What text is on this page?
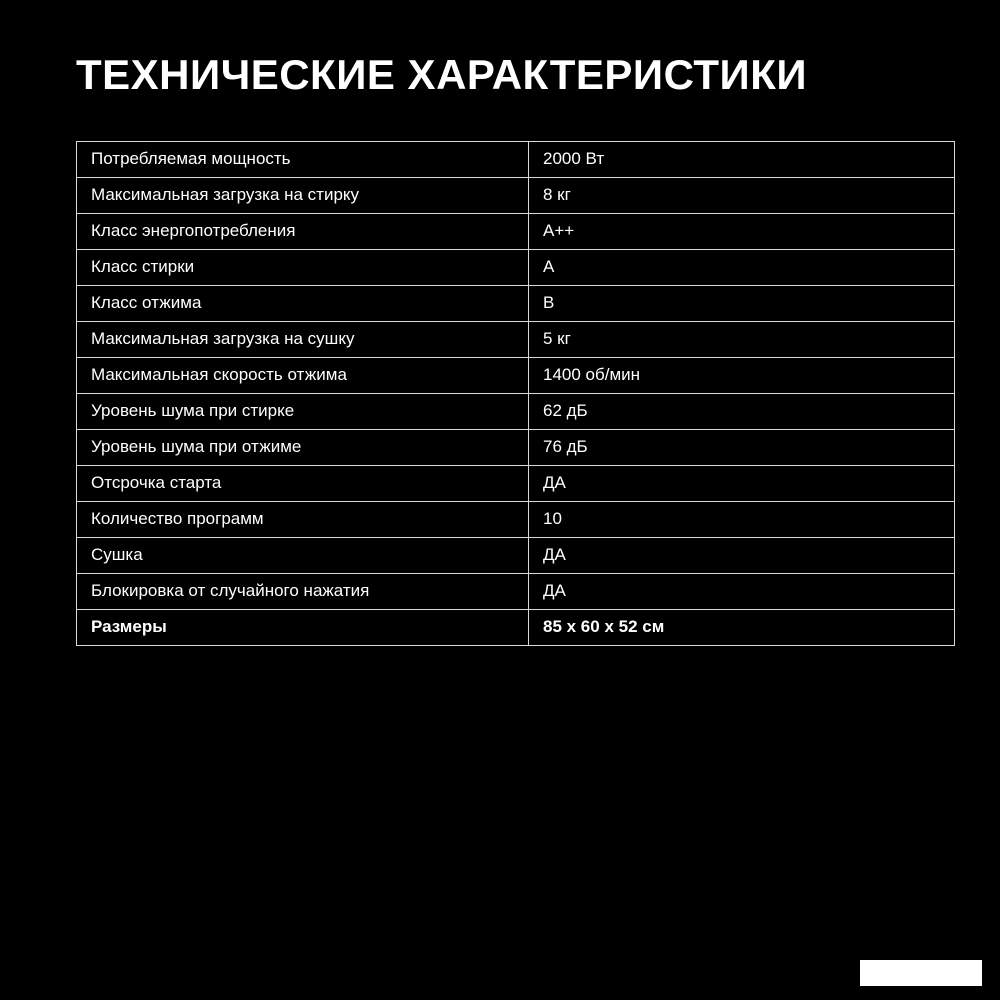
ТЕХНИЧЕСКИЕ ХАРАКТЕРИСТИКИ
Потребляемая мощность	2000 Вт
Максимальная загрузка на стирку	8 кг
Класс энергопотребления	A++
Класс стирки	A
Класс отжима	B
Максимальная загрузка на сушку	5 кг
Максимальная скорость отжима	1400 об/мин
Уровень шума при стирке	62 дБ
Уровень шума при отжиме	76 дБ
Отсрочка старта	ДА
Количество программ	10
Сушка	ДА
Блокировка от случайного нажатия	ДА
Размеры	85 x 60 x 52 см
